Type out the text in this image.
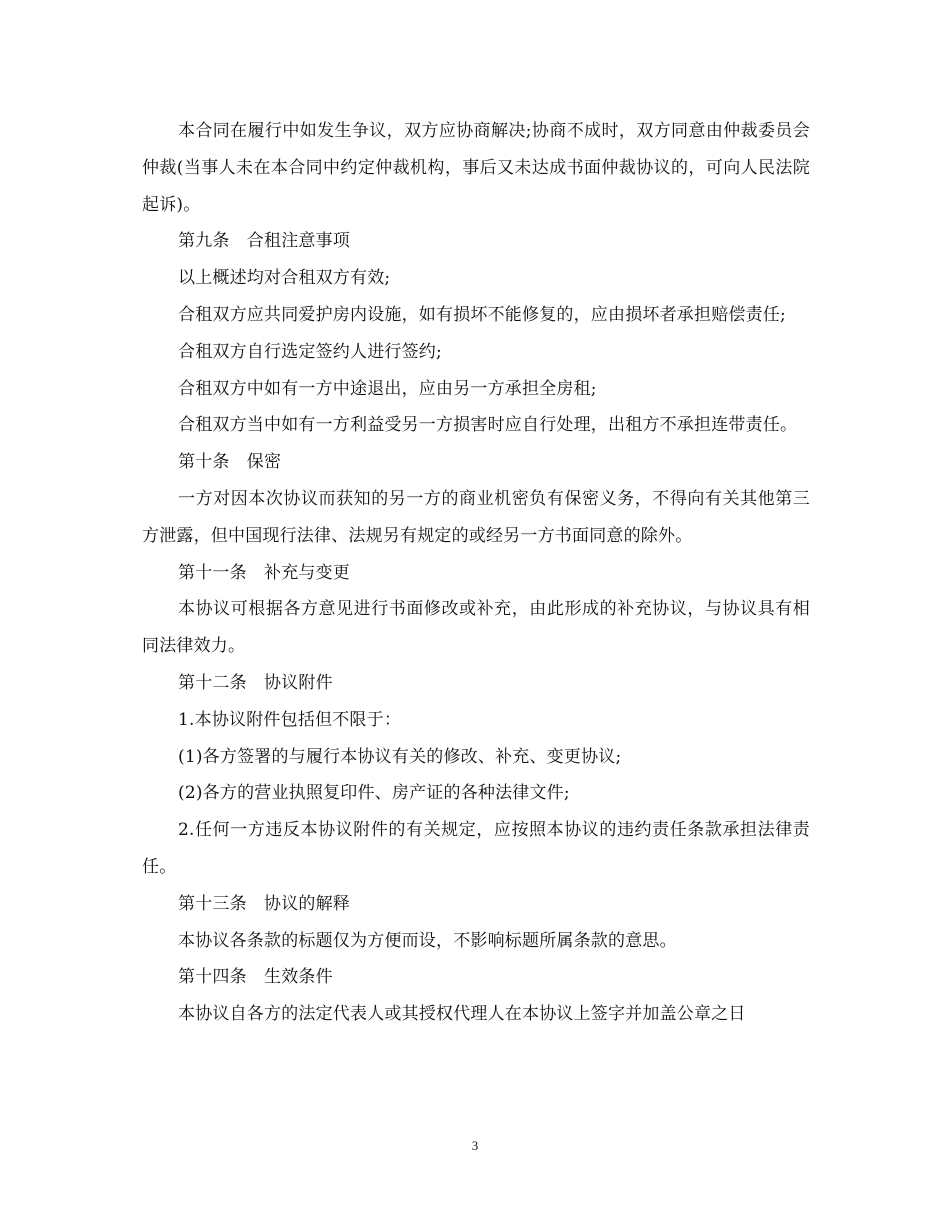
本合同在履行中如发生争议，双方应协商解决;协商不成时，双方同意由仲裁委员会仲裁(当事人未在本合同中约定仲裁机构，事后又未达成书面仲裁协议的，可向人民法院起诉)。

第九条　合租注意事项

以上概述均对合租双方有效;

合租双方应共同爱护房内设施，如有损坏不能修复的，应由损坏者承担赔偿责任;

合租双方自行选定签约人进行签约;

合租双方中如有一方中途退出，应由另一方承担全房租;

合租双方当中如有一方利益受另一方损害时应自行处理，出租方不承担连带责任。

第十条　保密

一方对因本次协议而获知的另一方的商业机密负有保密义务，不得向有关其他第三方泄露，但中国现行法律、法规另有规定的或经另一方书面同意的除外。

第十一条　补充与变更

本协议可根据各方意见进行书面修改或补充，由此形成的补充协议，与协议具有相同法律效力。

第十二条　协议附件

1.本协议附件包括但不限于：

(1)各方签署的与履行本协议有关的修改、补充、变更协议;

(2)各方的营业执照复印件、房产证的各种法律文件;

2.任何一方违反本协议附件的有关规定，应按照本协议的违约责任条款承担法律责任。

第十三条　协议的解释

本协议各条款的标题仅为方便而设，不影响标题所属条款的意思。

第十四条　生效条件

本协议自各方的法定代表人或其授权代理人在本协议上签字并加盖公章之日

3
